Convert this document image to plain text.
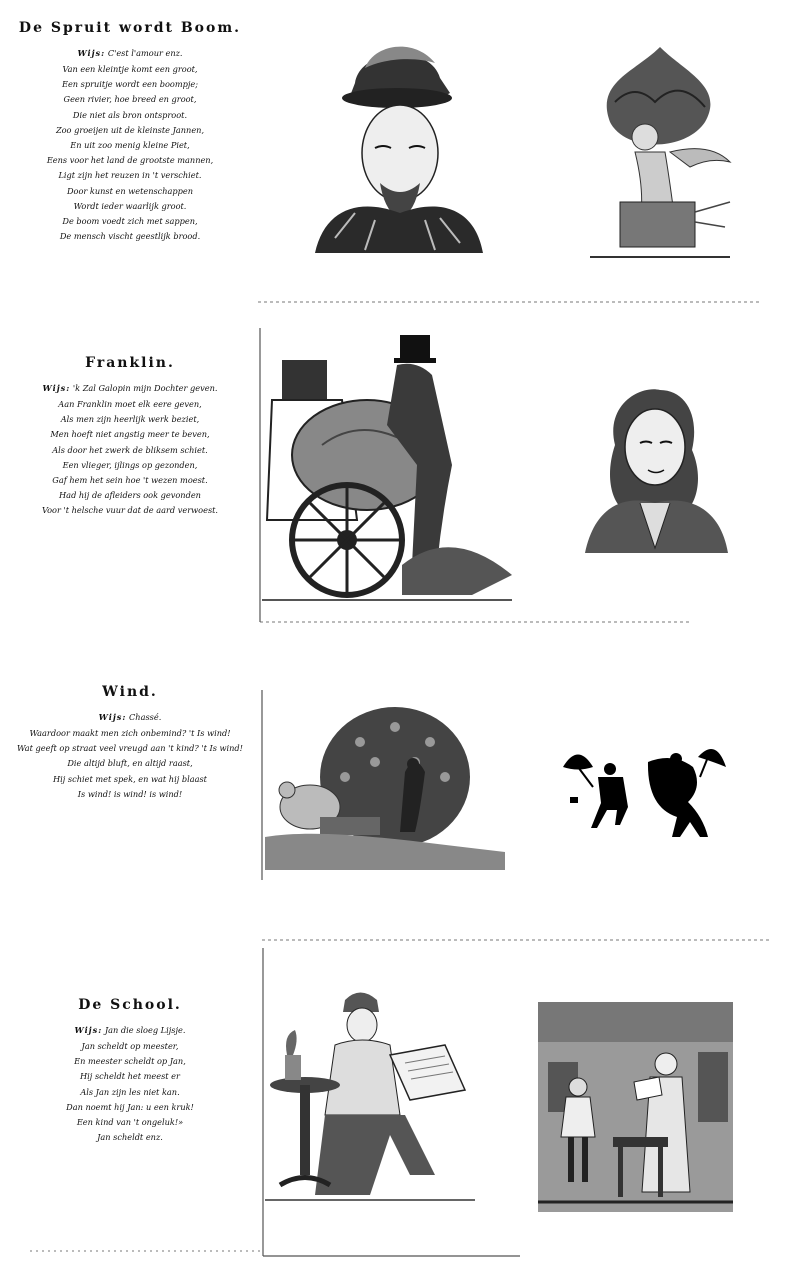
De Spruit wordt Boom.
Wijs: C'est l'amour enz.
Van een kleintje komt een groot,
Een spruitje wordt een boompje;
Geen rivier, hoe breed en groot,
Die niet als bron ontsproot.
Zoo groeijen uit de kleinste Jannen,
En uit zoo menig kleine Piet,
Eens voor het land de grootste mannen,
Ligt zijn het reuzen in 't verschiet.
Door kunst en wetenschappen
Wordt ieder waarlijk groot.
De boom voedt zich met sappen,
De mensch vischt geestlijk brood.
Franklin.
Wijs: 'k Zal Galopin mijn Dochter geven.
Aan Franklin moet elk eere geven,
Als men zijn heerlijk werk beziet,
Men hoeft niet angstig meer te beven,
Als door het zwerk de bliksem schiet.
Een vlieger, ijlings op gezonden,
Gaf hem het sein hoe 't wezen moest.
Had hij de afleiders ook gevonden
Voor 't helsche vuur dat de aard verwoest.
Wind.
Wijs: Chassé.
Waardoor maakt men zich onbemind? 't Is wind!
Wat geeft op straat veel vreugd aan 't kind? 't Is wind!
Die altijd bluft, en altijd raast,
Hij schiet met spek, en wat hij blaast
Is wind! is wind! is wind!
De School.
Wijs: Jan die sloeg Lijsje.
Jan scheldt op meester,
En meester scheldt op Jan,
Hij scheldt het meest er
Als Jan zijn les niet kan.
Dan noemt hij Jan: u een kruk!
Een kind van 't ongeluk!»
Jan scheldt enz.
